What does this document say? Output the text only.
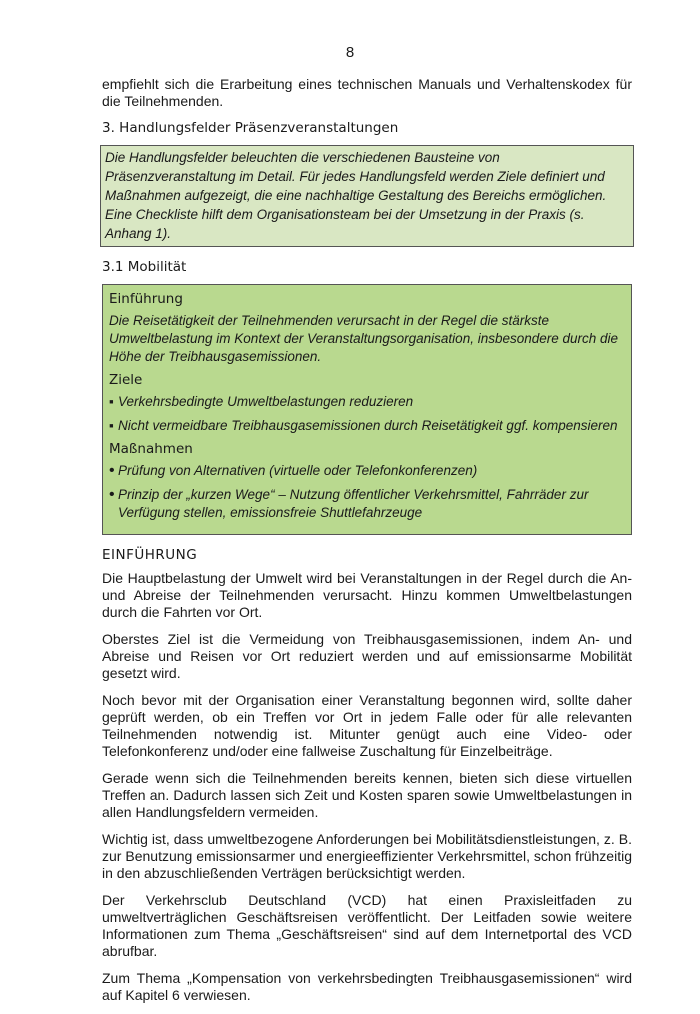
8

empfiehlt sich die Erarbeitung eines technischen Manuals und Verhaltenskodex für die Teilnehmenden.

3. Handlungsfelder Präsenzveranstaltungen
Die Handlungsfelder beleuchten die verschiedenen Bausteine von Präsenzveranstaltung im Detail. Für jedes Handlungsfeld werden Ziele definiert und Maßnahmen aufgezeigt, die eine nachhaltige Gestaltung des Bereichs ermöglichen. Eine Checkliste hilft dem Organisationsteam bei der Umsetzung in der Praxis (s. Anhang 1).
3.1 Mobilität
Einführung
Die Reisetätigkeit der Teilnehmenden verursacht in der Regel die stärkste Umweltbelastung im Kontext der Veranstaltungsorganisation, insbesondere durch die Höhe der Treibhausgasemissionen.
Ziele
▪ Verkehrsbedingte Umweltbelastungen reduzieren
▪ Nicht vermeidbare Treibhausgasemissionen durch Reisetätigkeit ggf. kompensieren
Maßnahmen
• Prüfung von Alternativen (virtuelle oder Telefonkonferenzen)
• Prinzip der „kurzen Wege“ – Nutzung öffentlicher Verkehrsmittel, Fahrräder zur Verfügung stellen, emissionsfreie Shuttlefahrzeuge
EINFÜHRUNG

Die Hauptbelastung der Umwelt wird bei Veranstaltungen in der Regel durch die An- und Abreise der Teilnehmenden verursacht. Hinzu kommen Umweltbelastungen durch die Fahrten vor Ort.

Oberstes Ziel ist die Vermeidung von Treibhausgasemissionen, indem An- und Abreise und Reisen vor Ort reduziert werden und auf emissionsarme Mobilität gesetzt wird.

Noch bevor mit der Organisation einer Veranstaltung begonnen wird, sollte daher geprüft werden, ob ein Treffen vor Ort in jedem Falle oder für alle relevanten Teilnehmenden notwendig ist. Mitunter genügt auch eine Video- oder Telefonkonferenz und/oder eine fallweise Zuschaltung für Einzelbeiträge.

Gerade wenn sich die Teilnehmenden bereits kennen, bieten sich diese virtuellen Treffen an. Dadurch lassen sich Zeit und Kosten sparen sowie Umweltbelastungen in allen Handlungsfeldern vermeiden.

Wichtig ist, dass umweltbezogene Anforderungen bei Mobilitätsdienstleistungen, z. B. zur Benutzung emissionsarmer und energieeffizienter Verkehrsmittel, schon frühzeitig in den abzuschließenden Verträgen berücksichtigt werden.

Der Verkehrsclub Deutschland (VCD) hat einen Praxisleitfaden zu umweltverträglichen Geschäftsreisen veröffentlicht. Der Leitfaden sowie weitere Informationen zum Thema „Geschäftsreisen“ sind auf dem Internetportal des VCD abrufbar.

Zum Thema „Kompensation von verkehrsbedingten Treibhausgasemissionen“ wird auf Kapitel 6 verwiesen.
